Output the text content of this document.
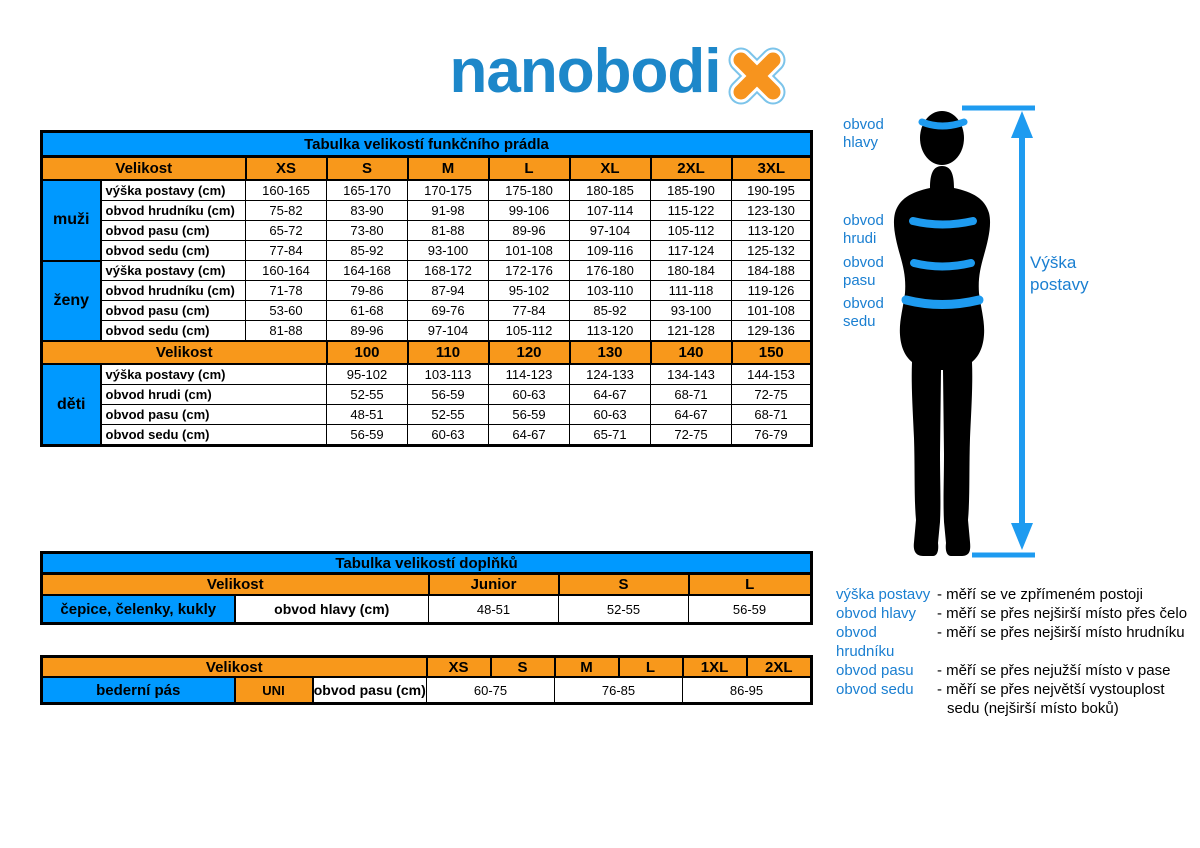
nanobodi
Tabulka velikostí funkčního prádla								
Velikost		XS	S	M	L	XL	2XL	3XL
muži	výška postavy (cm)	160-165	165-170	170-175	175-180	180-185	185-190	190-195
	obvod hrudníku (cm)	75-82	83-90	91-98	99-106	107-114	115-122	123-130
	obvod pasu (cm)	65-72	73-80	81-88	89-96	97-104	105-112	113-120
	obvod sedu (cm)	77-84	85-92	93-100	101-108	109-116	117-124	125-132
ženy	výška postavy (cm)	160-164	164-168	168-172	172-176	176-180	180-184	184-188
	obvod hrudníku (cm)	71-78	79-86	87-94	95-102	103-110	111-118	119-126
	obvod pasu (cm)	53-60	61-68	69-76	77-84	85-92	93-100	101-108
	obvod sedu (cm)	81-88	89-96	97-104	105-112	113-120	121-128	129-136
Velikost			100	110	120	130	140	150
děti	výška postavy (cm)		95-102	103-113	114-123	124-133	134-143	144-153
	obvod hrudi (cm)		52-55	56-59	60-63	64-67	68-71	72-75
	obvod pasu (cm)		48-51	52-55	56-59	60-63	64-67	68-71
	obvod sedu (cm)		56-59	60-63	64-67	65-71	72-75	76-79
Tabulka velikostí doplňků				
Velikost		Junior	S	L
čepice, čelenky, kukly	obvod hlavy (cm)	48-51	52-55	56-59
Velikost			XS	S	M	L	1XL	2XL
bederní pás	UNI	obvod pasu (cm)	60-75		76-85		86-95	
obvod hlavy
obvod hrudi
obvod pasu
obvod sedu
Výška postavy
výška postavy - měří se ve zpřímeném postoji
obvod hlavy	- měří se přes nejširší místo přes čelo
obvod hrudníku
- měří se přes nejširší místo hrudníku
obvod pasu	- měří se přes nejužší místo v pase
obvod sedu	- měří se přes největší vystouplost sedu (nejširší místo boků)
